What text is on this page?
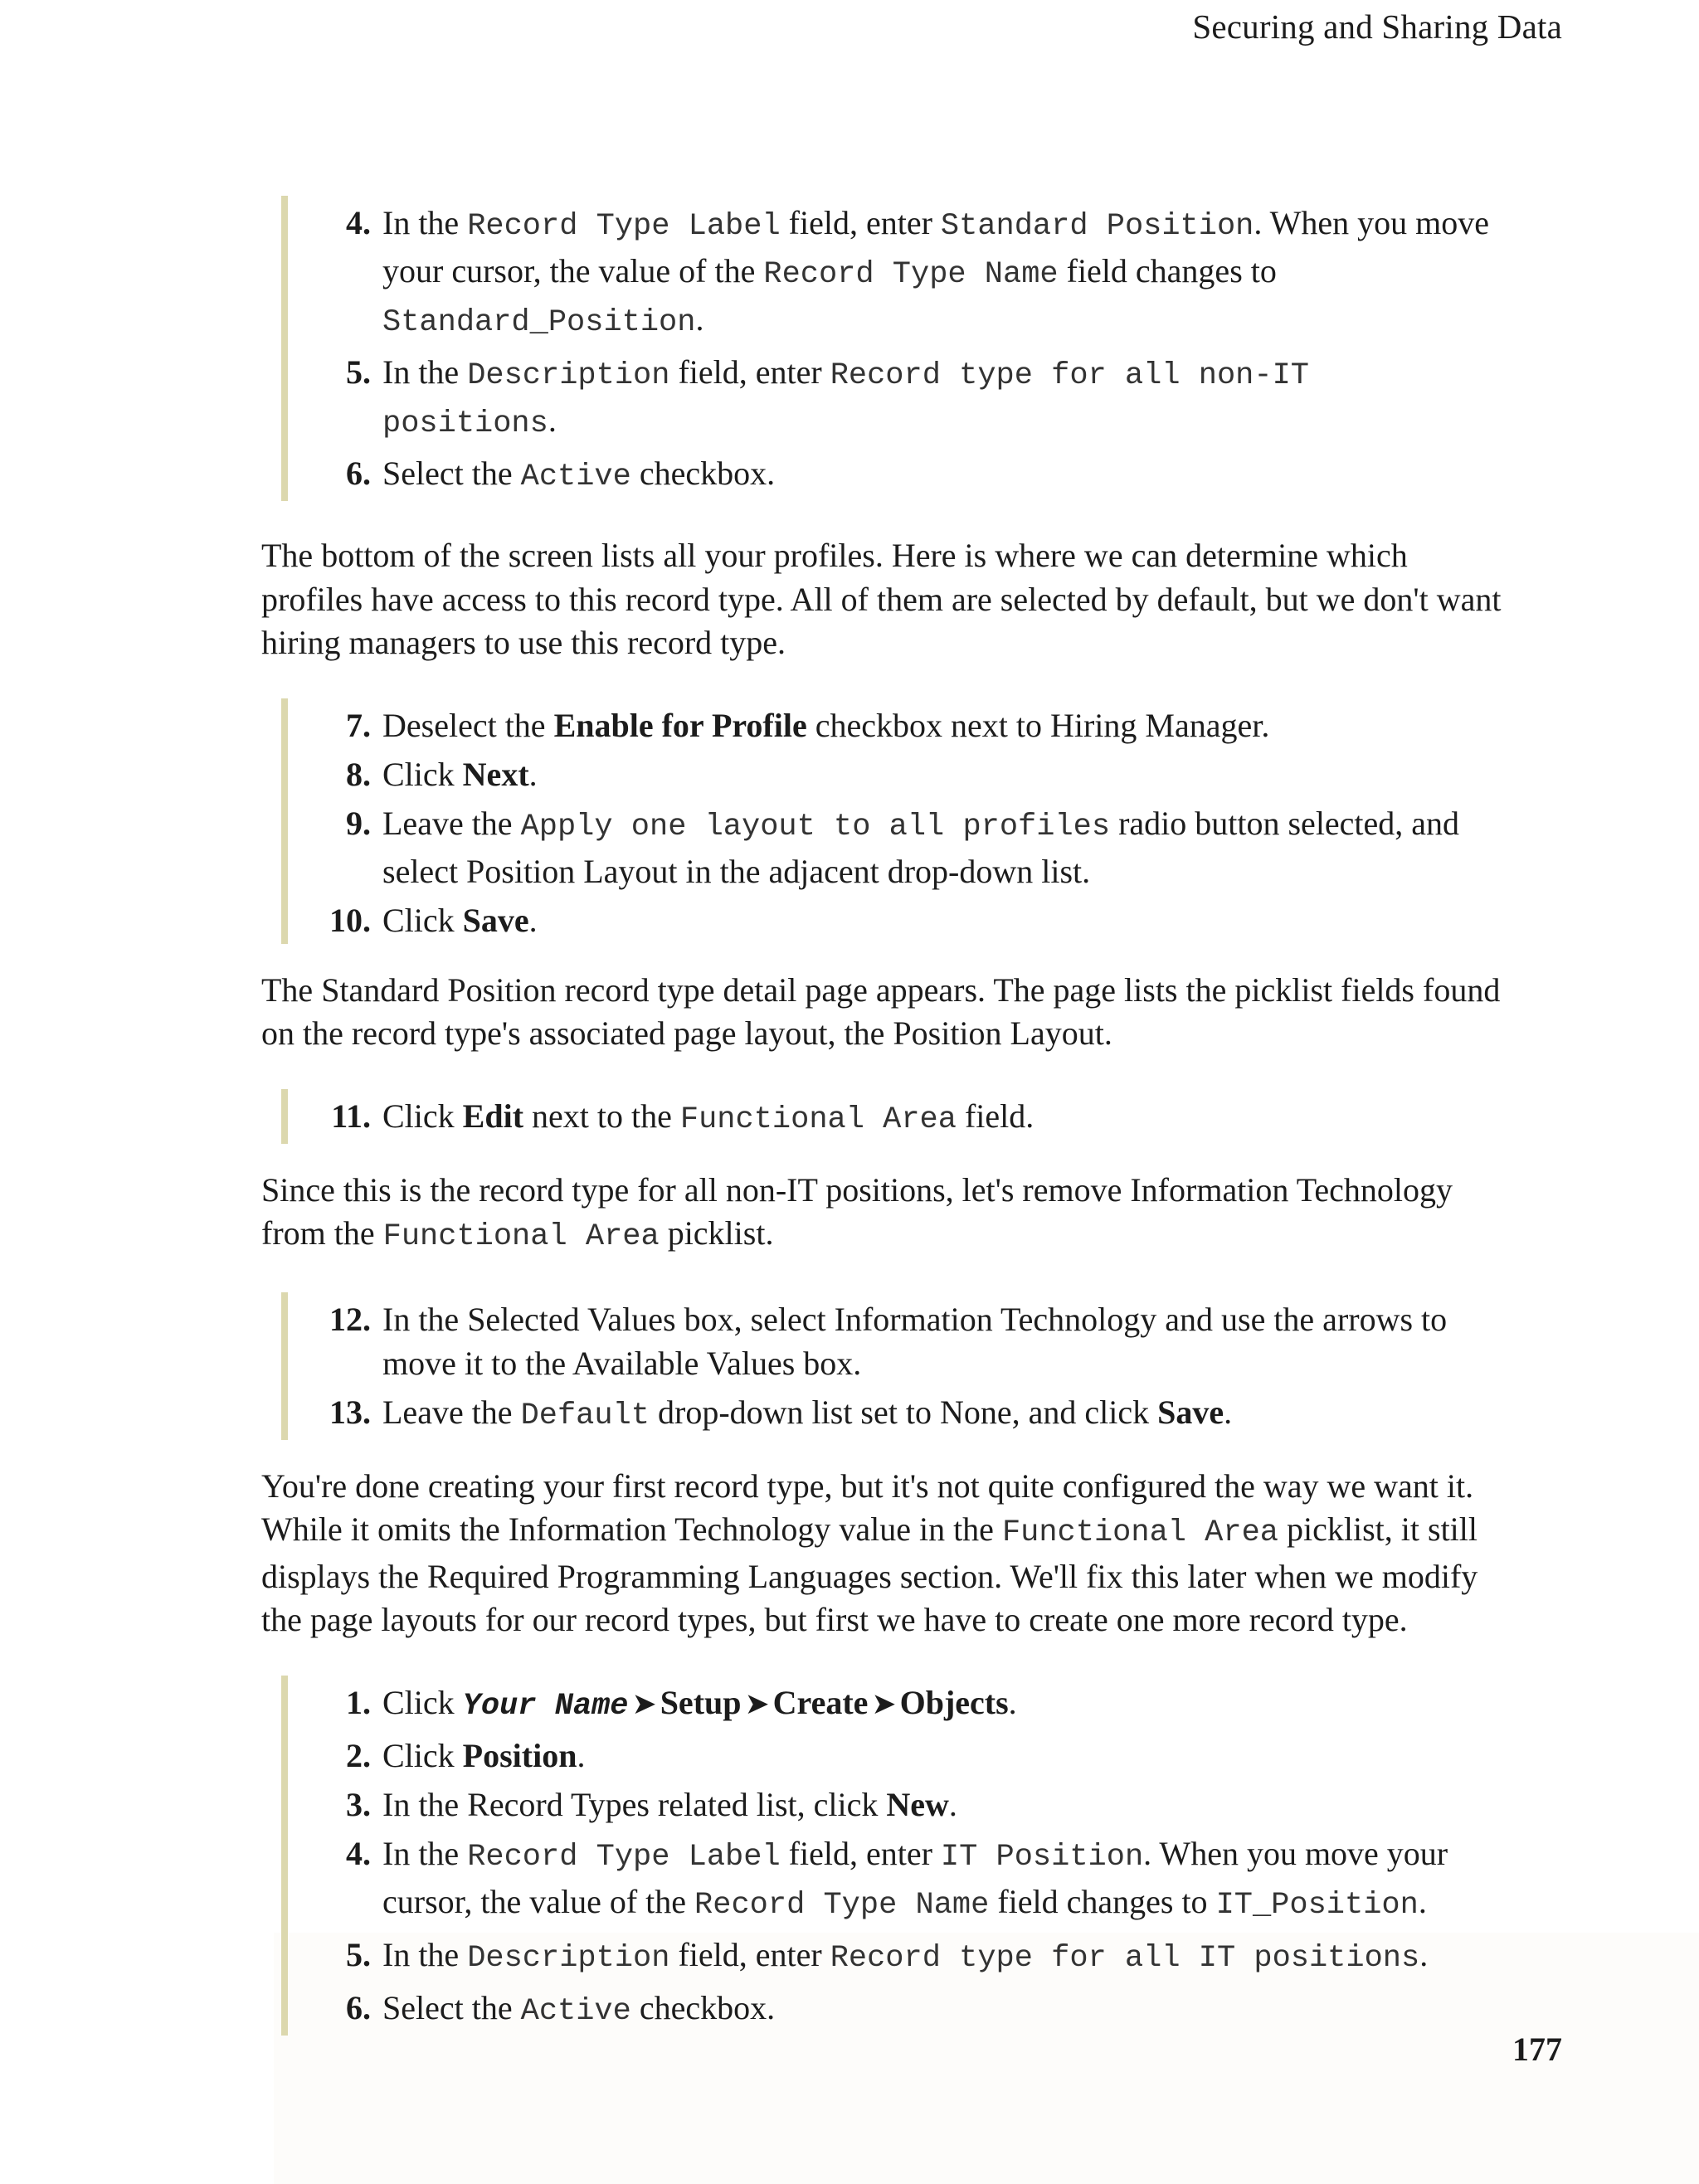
Securing and Sharing Data
4. In the Record Type Label field, enter Standard Position. When you move your cursor, the value of the Record Type Name field changes to Standard_Position.
5. In the Description field, enter Record type for all non-IT positions.
6. Select the Active checkbox.

The bottom of the screen lists all your profiles. Here is where we can determine which profiles have access to this record type. All of them are selected by default, but we don't want hiring managers to use this record type.

7. Deselect the Enable for Profile checkbox next to Hiring Manager.
8. Click Next.
9. Leave the Apply one layout to all profiles radio button selected, and select Position Layout in the adjacent drop-down list.
10. Click Save.

The Standard Position record type detail page appears. The page lists the picklist fields found on the record type's associated page layout, the Position Layout.

11. Click Edit next to the Functional Area field.

Since this is the record type for all non-IT positions, let's remove Information Technology from the Functional Area picklist.

12. In the Selected Values box, select Information Technology and use the arrows to move it to the Available Values box.
13. Leave the Default drop-down list set to None, and click Save.

You're done creating your first record type, but it's not quite configured the way we want it. While it omits the Information Technology value in the Functional Area picklist, it still displays the Required Programming Languages section. We'll fix this later when we modify the page layouts for our record types, but first we have to create one more record type.

1. Click Your Name ➤ Setup ➤ Create ➤ Objects.
2. Click Position.
3. In the Record Types related list, click New.
4. In the Record Type Label field, enter IT Position. When you move your cursor, the value of the Record Type Name field changes to IT_Position.
5. In the Description field, enter Record type for all IT positions.
6. Select the Active checkbox.
177
